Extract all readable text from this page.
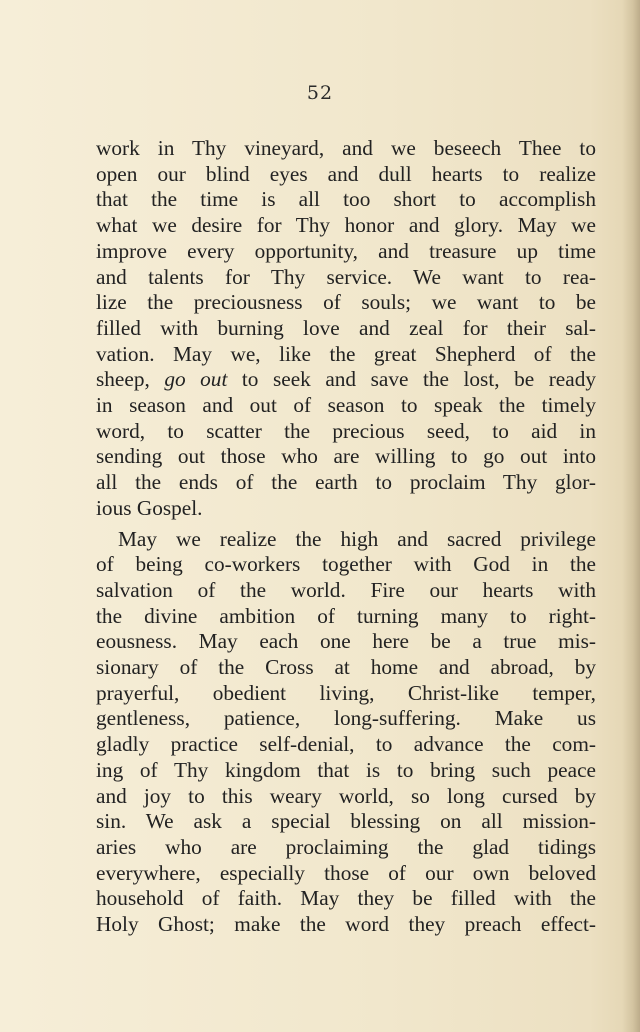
52
work in Thy vineyard, and we beseech Thee to
open our blind eyes and dull hearts to realize
that the time is all too short to accomplish
what we desire for Thy honor and glory. May we
improve every opportunity, and treasure up time
and talents for Thy service. We want to rea-
lize the preciousness of souls; we want to be
filled with burning love and zeal for their sal-
vation. May we, like the great Shepherd of the
sheep, go out to seek and save the lost, be ready
in season and out of season to speak the timely
word, to scatter the precious seed, to aid in
sending out those who are willing to go out into
all the ends of the earth to proclaim Thy glor-
ious Gospel.
May we realize the high and sacred privilege
of being co-workers together with God in the
salvation of the world. Fire our hearts with
the divine ambition of turning many to right-
eousness. May each one here be a true mis-
sionary of the Cross at home and abroad, by
prayerful, obedient living, Christ-like temper,
gentleness, patience, long-suffering. Make us
gladly practice self-denial, to advance the com-
ing of Thy kingdom that is to bring such peace
and joy to this weary world, so long cursed by
sin. We ask a special blessing on all mission-
aries who are proclaiming the glad tidings
everywhere, especially those of our own beloved
household of faith. May they be filled with the
Holy Ghost; make the word they preach effect-
